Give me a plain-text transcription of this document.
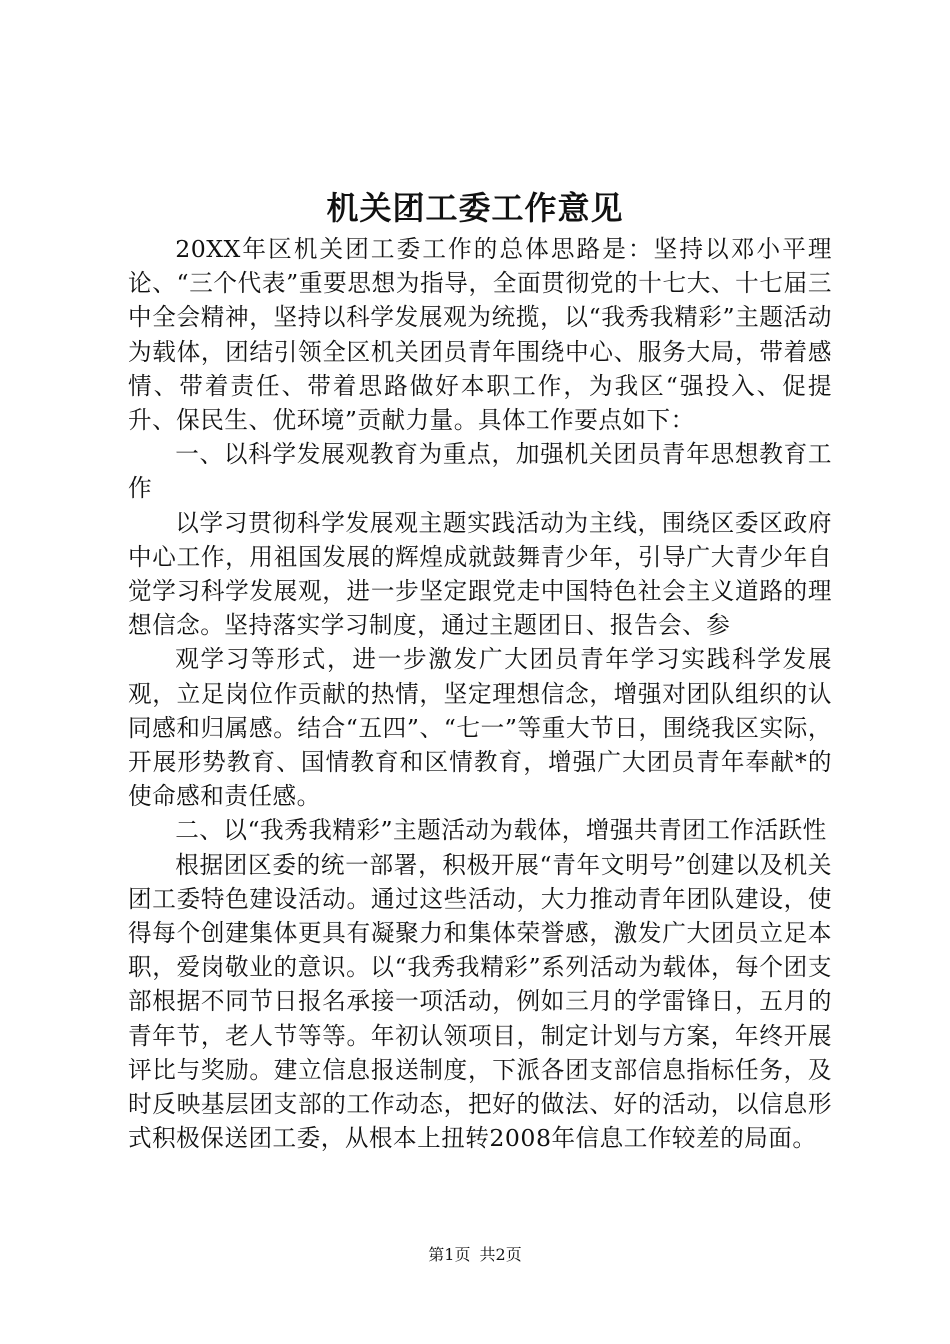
机关团工委工作意见

20XX年区机关团工委工作的总体思路是：坚持以邓小平理论、“三个代表”重要思想为指导，全面贯彻党的十七大、十七届三中全会精神，坚持以科学发展观为统揽，以“我秀我精彩”主题活动为载体，团结引领全区机关团员青年围绕中心、服务大局，带着感情、带着责任、带着思路做好本职工作，为我区“强投入、促提升、保民生、优环境”贡献力量。具体工作要点如下：

一、以科学发展观教育为重点，加强机关团员青年思想教育工作

以学习贯彻科学发展观主题实践活动为主线，围绕区委区政府中心工作，用祖国发展的辉煌成就鼓舞青少年，引导广大青少年自觉学习科学发展观，进一步坚定跟党走中国特色社会主义道路的理想信念。坚持落实学习制度，通过主题团日、报告会、参

观学习等形式，进一步激发广大团员青年学习实践科学发展观，立足岗位作贡献的热情，坚定理想信念，增强对团队组织的认同感和归属感。结合“五四”、“七一”等重大节日，围绕我区实际，开展形势教育、国情教育和区情教育，增强广大团员青年奉献*的使命感和责任感。

二、以“我秀我精彩”主题活动为载体，增强共青团工作活跃性

根据团区委的统一部署，积极开展“青年文明号”创建以及机关团工委特色建设活动。通过这些活动，大力推动青年团队建设，使得每个创建集体更具有凝聚力和集体荣誉感，激发广大团员立足本职，爱岗敬业的意识。以“我秀我精彩”系列活动为载体，每个团支部根据不同节日报名承接一项活动，例如三月的学雷锋日，五月的青年节，老人节等等。年初认领项目，制定计划与方案，年终开展评比与奖励。建立信息报送制度，下派各团支部信息指标任务，及时反映基层团支部的工作动态，把好的做法、好的活动，以信息形式积极保送团工委，从根本上扭转2008年信息工作较差的局面。

第1页 共2页
